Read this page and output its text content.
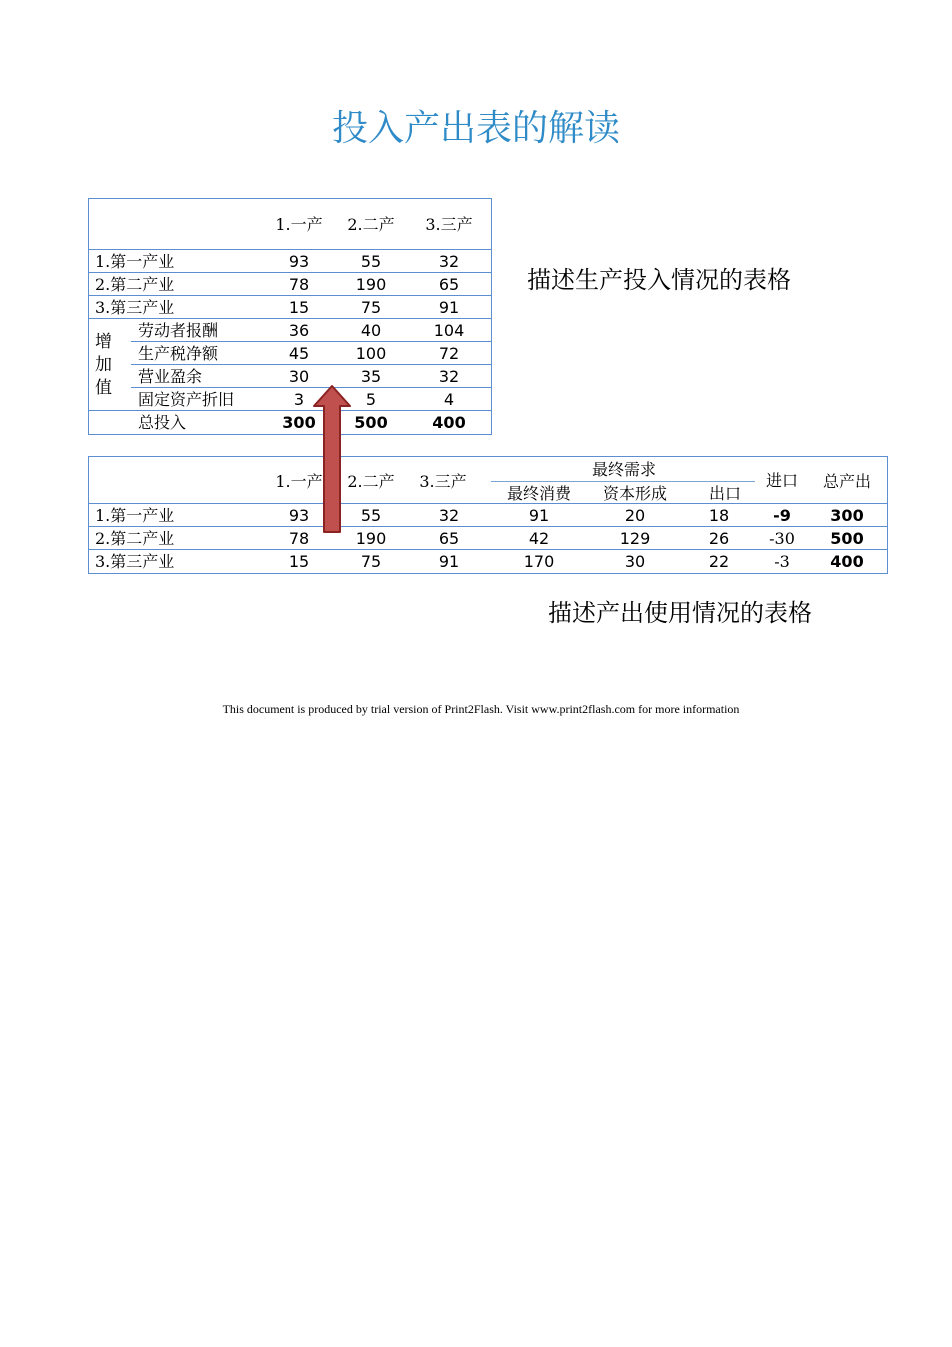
投入产出表的解读
1.一产	2.二产	3.三产
1.第一产业	93	55	32
2.第二产业	78	190	65
3.第三产业	15	75	91
增加值
劳动者报酬	36	40	104
生产税净额	45	100	72
营业盈余	30	35	32
固定资产折旧	3	5	4
总投入	300	500	400
描述生产投入情况的表格
1.一产	2.二产	3.三产
最终需求
最终消费	资本形成	出口
进口	总产出
1.第一产业	93	55	32	91	20	18	-9	300
2.第二产业	78	190	65	42	129	26	-30	500
3.第三产业	15	75	91	170	30	22	-3	400
描述产出使用情况的表格
This document is produced by trial version of Print2Flash. Visit www.print2flash.com for more information
